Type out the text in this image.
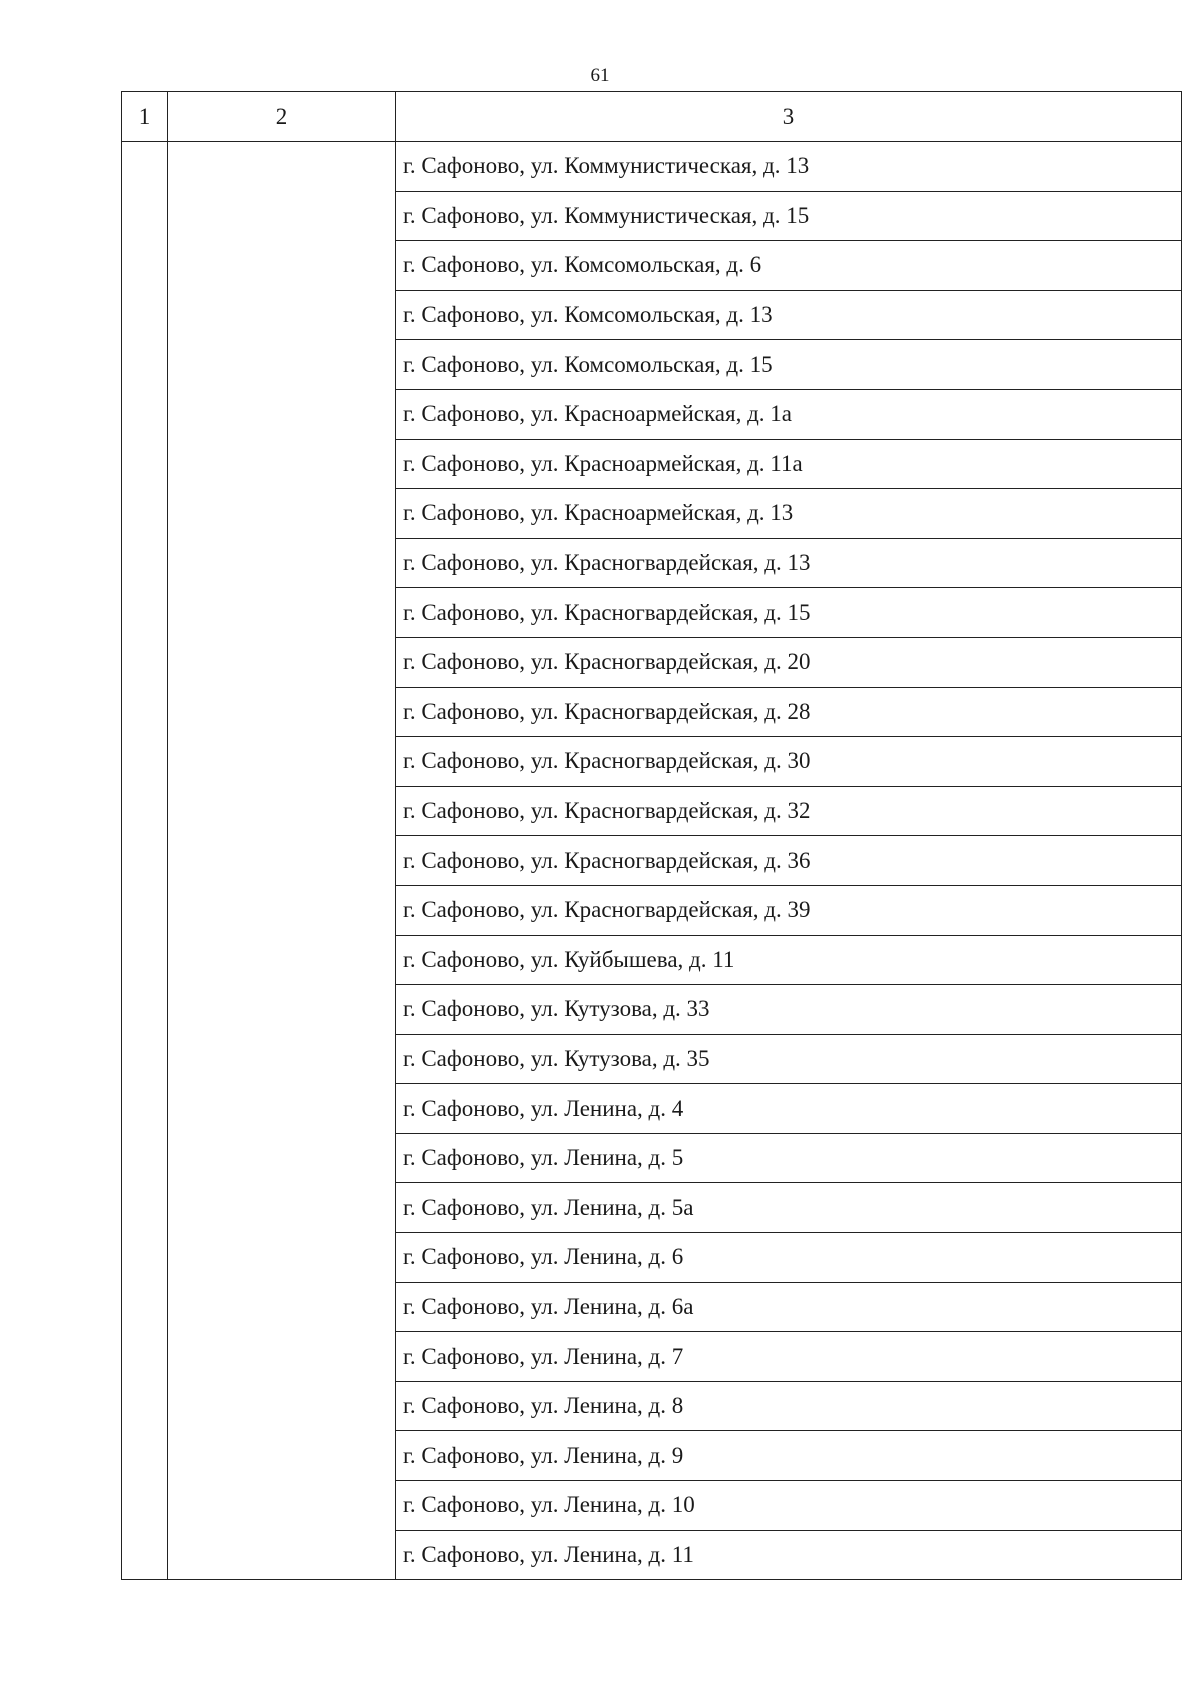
61
1	2	3
		г. Сафоново, ул. Коммунистическая, д. 13
		г. Сафоново, ул. Коммунистическая, д. 15
		г. Сафоново, ул. Комсомольская, д. 6
		г. Сафоново, ул. Комсомольская, д. 13
		г. Сафоново, ул. Комсомольская, д. 15
		г. Сафоново, ул. Красноармейская, д. 1а
		г. Сафоново, ул. Красноармейская, д. 11а
		г. Сафоново, ул. Красноармейская, д. 13
		г. Сафоново, ул. Красногвардейская, д. 13
		г. Сафоново, ул. Красногвардейская, д. 15
		г. Сафоново, ул. Красногвардейская, д. 20
		г. Сафоново, ул. Красногвардейская, д. 28
		г. Сафоново, ул. Красногвардейская, д. 30
		г. Сафоново, ул. Красногвардейская, д. 32
		г. Сафоново, ул. Красногвардейская, д. 36
		г. Сафоново, ул. Красногвардейская, д. 39
		г. Сафоново, ул. Куйбышева, д. 11
		г. Сафоново, ул. Кутузова, д. 33
		г. Сафоново, ул. Кутузова, д. 35
		г. Сафоново, ул. Ленина, д. 4
		г. Сафоново, ул. Ленина, д. 5
		г. Сафоново, ул. Ленина, д. 5а
		г. Сафоново, ул. Ленина, д. 6
		г. Сафоново, ул. Ленина, д. 6а
		г. Сафоново, ул. Ленина, д. 7
		г. Сафоново, ул. Ленина, д. 8
		г. Сафоново, ул. Ленина, д. 9
		г. Сафоново, ул. Ленина, д. 10
		г. Сафоново, ул. Ленина, д. 11
